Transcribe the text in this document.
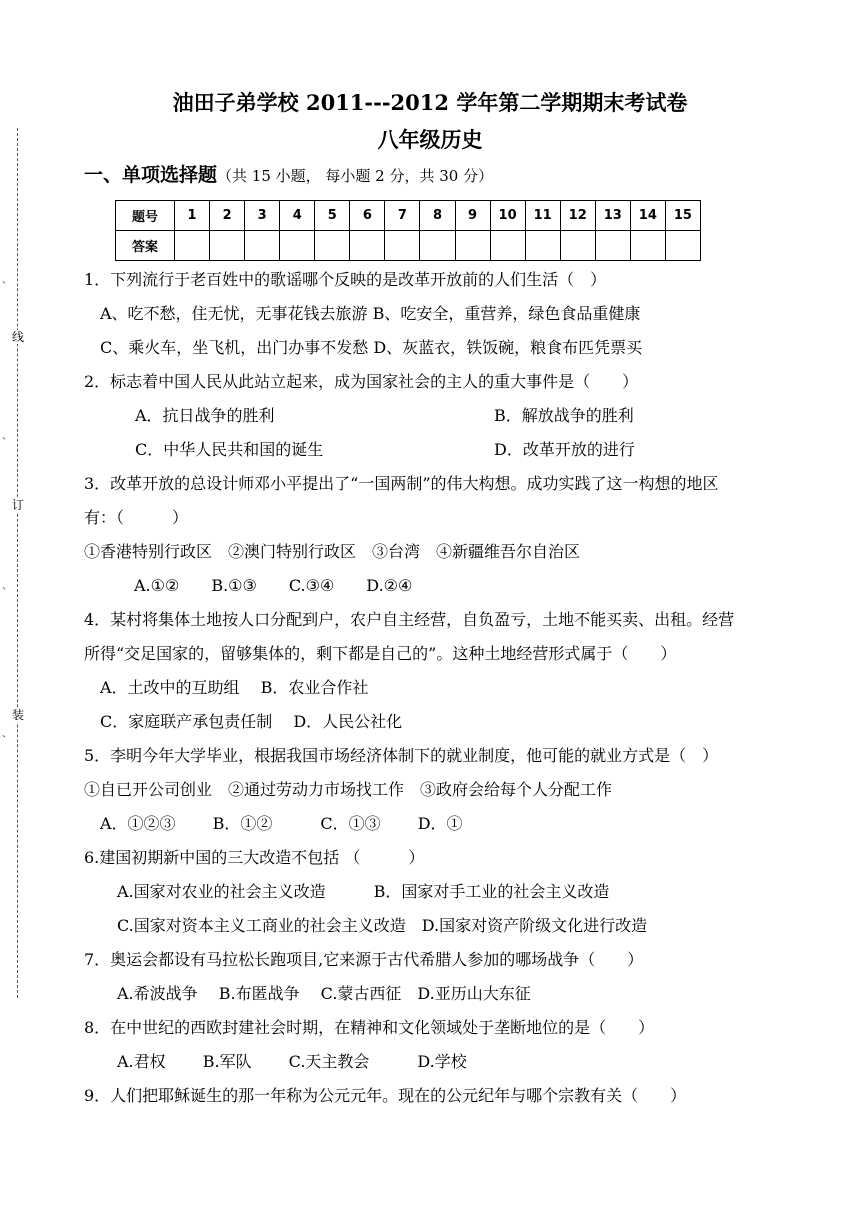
、
线
、
订
、
装
、
油田子弟学校 2011---2012 学年第二学期期末考试卷
八年级历史
一、单项选择题（共 15 小题， 每小题 2 分，共 30 分）
题号	1	2	3	4	5	6	7	8	9	10	11	12	13	14	15
答案															
1．下列流行于老百姓中的歌谣哪个反映的是改革开放前的人们生活（　）
A、吃不愁，住无忧，无事花钱去旅游 B、吃安全，重营养，绿色食品重健康
C、乘火车，坐飞机，出门办事不发愁 D、灰蓝衣，铁饭碗，粮食布匹凭票买
2．标志着中国人民从此站立起来，成为国家社会的主人的重大事件是（　　）
A．抗日战争的胜利	B．解放战争的胜利
C．中华人民共和国的诞生	D．改革开放的进行
3．改革开放的总设计师邓小平提出了“一国两制”的伟大构想。成功实践了这一构想的地区
有：（　　　）
①香港特别行政区　②澳门特别行政区　③台湾　④新疆维吾尔自治区
A.①②　　B.①③　　C.③④　　D.②④
4．某村将集体土地按人口分配到户，农户自主经营，自负盈亏，土地不能买卖、出租。经营
所得“交足国家的，留够集体的，剩下都是自己的”。这种土地经营形式属于（　　）
A．土改中的互助组　 B．农业合作社
C．家庭联产承包责任制　 D．人民公社化
5．李明今年大学毕业，根据我国市场经济体制下的就业制度，他可能的就业方式是（　）
①自已开公司创业　②通过劳动力市场找工作　③政府会给每个人分配工作
A．①②③　　 B．①②　　　C．①③　　 D．①
6.建国初期新中国的三大改造不包括 （　　　）
A.国家对农业的社会主义改造　　　B．国家对手工业的社会主义改造
C.国家对资本主义工商业的社会主义改造　D.国家对资产阶级文化进行改造
7．奥运会都设有马拉松长跑项目,它来源于古代希腊人参加的哪场战争（　　）
A.希波战争　 B.布匿战争　 C.蒙古西征　D.亚历山大东征
8．在中世纪的西欧封建社会时期，在精神和文化领域处于垄断地位的是（　　）
A.君权　　 B.军队　　 C.天主教会　　　D.学校
9．人们把耶稣诞生的那一年称为公元元年。现在的公元纪年与哪个宗教有关（　　）
